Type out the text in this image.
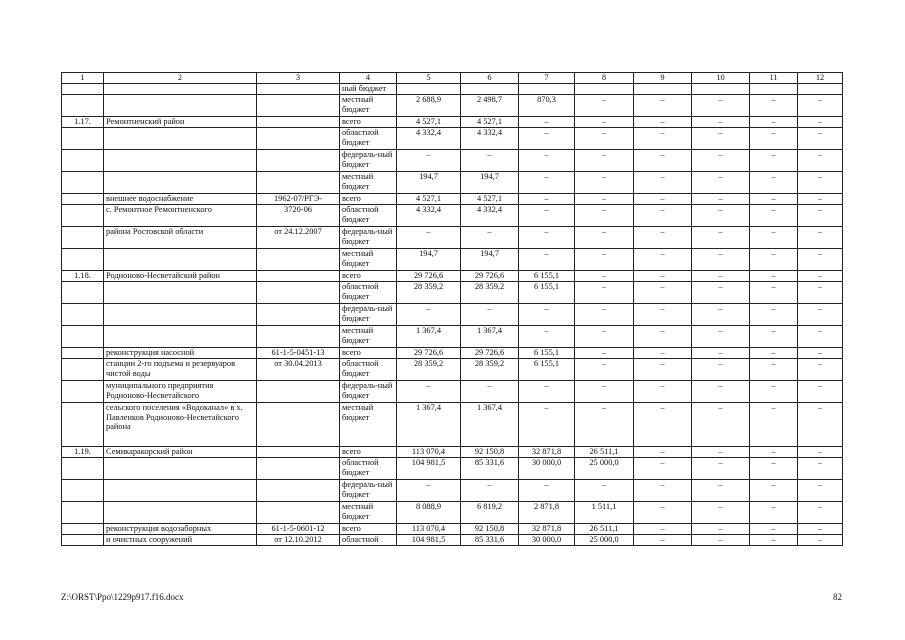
1	2	3	4	5	6	7	8	9	10	11	12
			ный бюджет								
			местный бюджет	2 688,9	2 498,7	870,3	–	–	–	–	–
1.17.	Ремонтненский район		всего	4 527,1	4 527,1	–	–	–	–	–	–
			областной бюджет	4 332,4	4 332,4	–	–	–	–	–	–
			федераль-ный бюджет	–	–	–	–	–	–	–	–
			местный бюджет	194,7	194,7	–	–	–	–	–	–
	внешнее водоснабжение	1962-07/РГЭ-	всего	4 527,1	4 527,1	–	–	–	–	–	–
	с. Ремонтное Ремонтненского	3720-06	областной бюджет	4 332,4	4 332,4	–	–	–	–	–	–
	района Ростовской области	от 24.12.2007	федераль-ный бюджет	–	–	–	–	–	–	–	–
			местный бюджет	194,7	194,7	–	–	–	–	–	–
1.18.	Родионово-Несветайский район		всего	29 726,6	29 726,6	6 155,1	–	–	–	–	–
			областной бюджет	28 359,2	28 359,2	6 155,1	–	–	–	–	–
			федераль-ный бюджет	–	–	–	–	–	–	–	–
			местный бюджет	1 367,4	1 367,4	–	–	–	–	–	–
	реконструкция насосной	61-1-5-0451-13	всего	29 726,6	29 726,6	6 155,1	–	–	–	–	–
	станции 2-го подъема и резервуаров чистой воды	от 30.04.2013	областной бюджет	28 359,2	28 359,2	6 155,1	–	–	–	–	–
	муниципального предприятия Родионово-Несветайского		федераль-ный бюджет	–	–	–	–	–	–	–	–
	сельского поселения «Водоканал» в х. Павленков Родионово-Несветайского района		местный бюджет	1 367,4	1 367,4	–	–	–	–	–	–
1.19.	Семикаракорский район		всего	113 070,4	92 150,8	32 871,8	26 511,1	–	–	–	–
			областной бюджет	104 981,5	85 331,6	30 000,0	25 000,0	–	–	–	–
			федераль-ный бюджет	–	–	–	–	–	–	–	–
			местный бюджет	8 088,9	6 819,2	2 871,8	1 511,1	–	–	–	–
	реконструкция водозаборных	61-1-5-0601-12	всего	113 070,4	92 150,8	32 871,8	26 511,1	–	–	–	–
	и очистных сооружений	от 12.10.2012	областной	104 981,5	85 331,6	30 000,0	25 000,0	–	–	–	–
Z:\ORST\Ppo\1229p917.f16.docx	82
